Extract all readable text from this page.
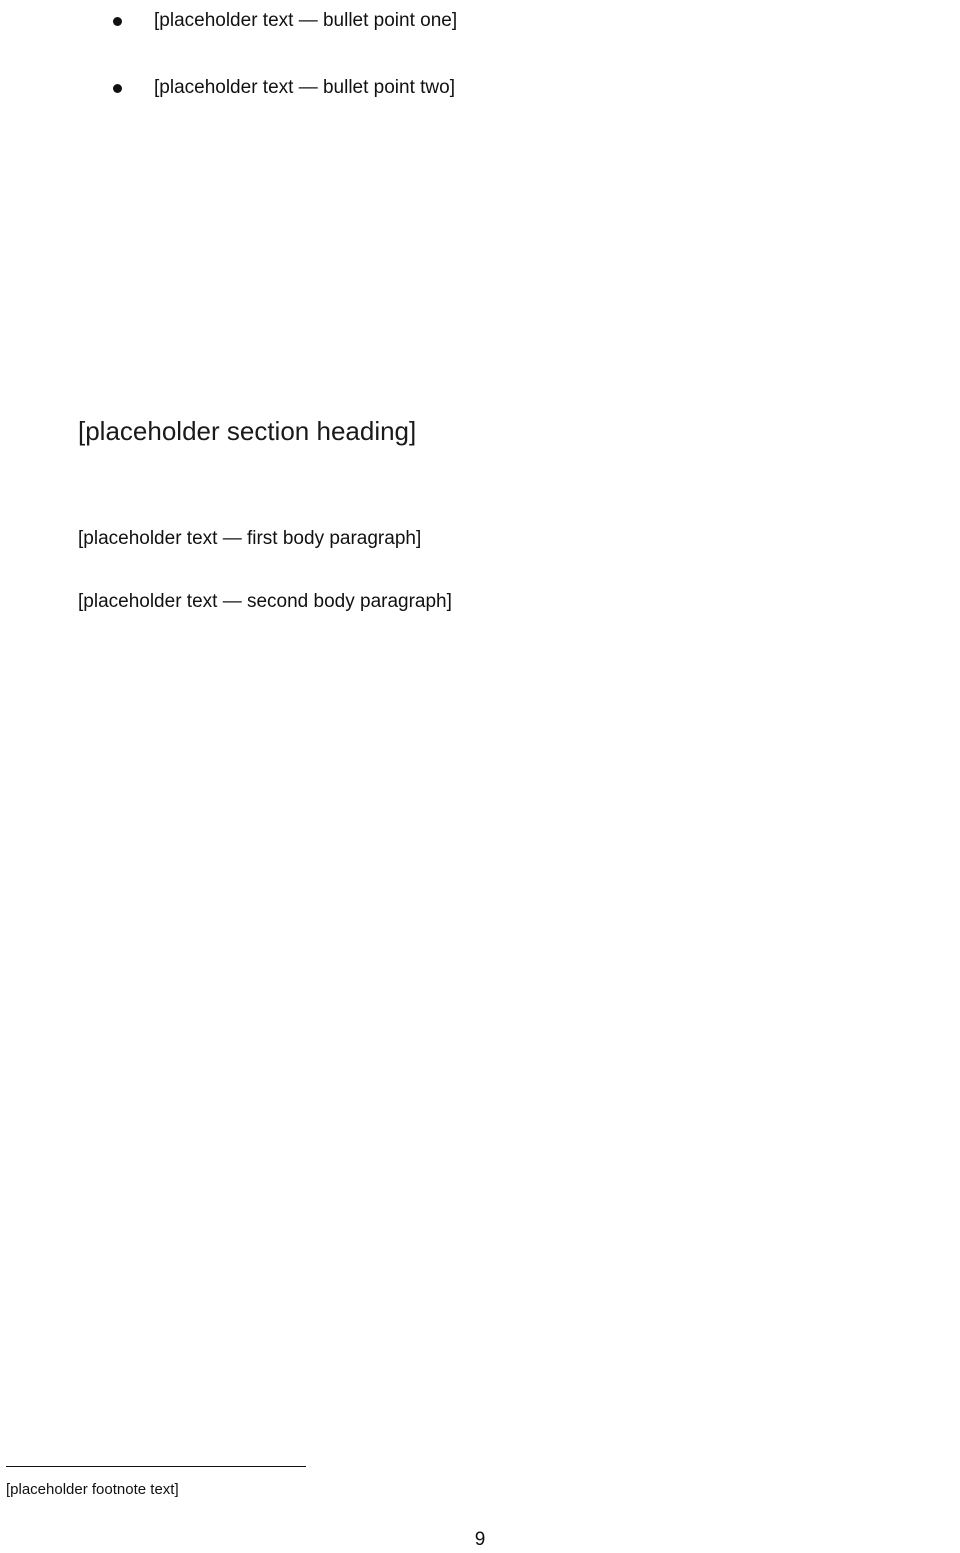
[placeholder text — bullet point one]
[placeholder text — bullet point two]
[placeholder section heading]

[placeholder text — first body paragraph]

[placeholder text — second body paragraph]

[placeholder footnote text]

9
